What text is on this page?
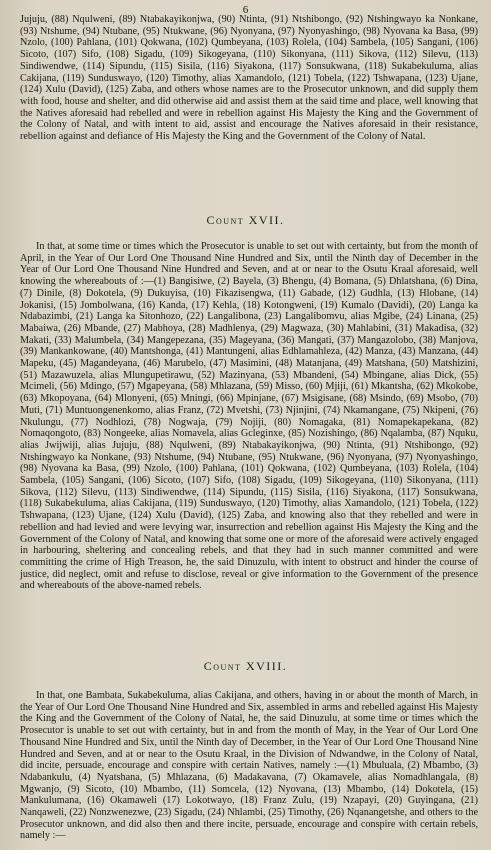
6

Jujuju, (88) Nqulweni, (89) Ntabakayikonjwa, (90) Ntinta, (91) Ntshibongo, (92) Ntshingwayo ka Nonkane, (93) Ntshume, (94) Ntubane, (95) Ntukwane, (96) Nyonyana, (97) Nyonyashingo, (98) Nyovana ka Basa, (99) Nzolo, (100) Pahlana, (101) Qokwana, (102) Qumbeyana, (103) Rolela, (104) Sambela, (105) Sangani, (106) Sicoto, (107) Sifo, (108) Sigadu, (109) Sikogeyana, (110) Sikonyana, (111) Sikova, (112) Silevu, (113) Sindiwendwe, (114) Sipundu, (115) Sisila, (116) Siyakona, (117) Sonsukwana, (118) Sukabekuluma, alias Cakijana, (119) Sunduswayo, (120) Timothy, alias Xamandolo, (121) Tobela, (122) Tshwapana, (123) Ujane, (124) Xulu (David), (125) Zaba, and others whose names are to the Prosecutor unknown, and did supply them with food, house and shelter, and did otherwise aid and assist them at the said time and place, well knowing that the Natives aforesaid had rebelled and were in rebellion against His Majesty the King and the Government of the Colony of Natal, and with intent to aid, assist and encourage the Natives aforesaid in their resistance, rebellion against and defiance of His Majesty the King and the Government of the Colony of Natal.

Count XVII.

In that, at some time or times which the Prosecutor is unable to set out with certainty, but from the month of April, in the Year of Our Lord One Thousand Nine Hundred and Six, until the Ninth day of December in the Year of Our Lord One Thousand Nine Hundred and Seven, and at or near to the Osutu Kraal aforesaid, well knowing the whereabouts of :—(1) Bangisiwe, (2) Bayela, (3) Bhengu, (4) Bomana, (5) Dhlatshana, (6) Dina, (7) Dinile, (8) Dokotela, (9) Dukuyisa, (10) Fikazisengwa, (11) Gabade, (12) Gudhla, (13) Hlobane, (14) Jokanisi, (15) Jombolwana, (16) Kanda, (17) Kehla, (18) Kotongweni, (19) Kumalo (Davidi), (20) Langa ka Ndabazimbi, (21) Langa ka Sitonhozo, (22) Langalibona, (23) Langalibomvu, alias Mgibe, (24) Linana, (25) Mabaiwa, (26) Mbande, (27) Mabhoya, (28) Madhlenya, (29) Magwaza, (30) Mahlabini, (31) Makadisa, (32) Makati, (33) Malumbela, (34) Mangepezana, (35) Mageyana, (36) Mangati, (37) Mangazolobo, (38) Manjova, (39) Mankankowane, (40) Mantshonga, (41) Mantungeni, alias Edhlamahleza, (42) Manza, (43) Manzana, (44) Mapeku, (45) Magandeyana, (46) Marubelo, (47) Masimini, (48) Matanjana, (49) Matshana, (50) Matshizini, (51) Mazawuzela, alias Mlungupetirawu, (52) Mazinyana, (53) Mbandeni, (54) Mbingane, alias Dick, (55) Mcimeli, (56) Mdingo, (57) Mgapeyana, (58) Mhlazana, (59) Misso, (60) Mjiji, (61) Mkantsha, (62) Mkokobe, (63) Mkopoyana, (64) Mlonyeni, (65) Mningi, (66) Mpinjane, (67) Msigisane, (68) Msindo, (69) Msobo, (70) Muti, (71) Muntuongenenkomo, alias Franz, (72) Mvetshi, (73) Njinjini, (74) Nkamangane, (75) Nkipeni, (76) Nkulungu, (77) Nodhlozi, (78) Nogwaja, (79) Nojiji, (80) Nomagaka, (81) Nomapekapekana, (82) Nomaqongoto, (83) Nongeeke, alias Nomavela, alias Gcleginxe, (85) Nozishingo, (86) Nqalamba, (87) Nquku, alias Jwijwiji, alias Jujuju, (88) Nqulweni, (89) Ntabakayikonjwa, (90) Ntinta, (91) Ntshibongo, (92) Ntshingwayo ka Nonkane, (93) Ntshume, (94) Ntubane, (95) Ntukwane, (96) Nyonyana, (97) Nyonyashingo, (98) Nyovana ka Basa, (99) Nzolo, (100) Pahlana, (101) Qokwana, (102) Qumbeyana, (103) Rolela, (104) Sambela, (105) Sangani, (106) Sicoto, (107) Sifo, (108) Sigadu, (109) Sikogeyana, (110) Sikonyana, (111) Sikova, (112) Silevu, (113) Sindiwendwe, (114) Sipundu, (115) Sisila, (116) Siyakona, (117) Sonsukwana, (118) Sukabekuluma, alias Cakijana, (119) Sunduswayo, (120) Timothy, alias Xamandolo, (121) Tobela, (122) Tshwapana, (123) Ujane, (124) Xulu (David), (125) Zaba, and knowing also that they rebelled and were in rebellion and had levied and were levying war, insurrection and rebellion against His Majesty the King and the Government of the Colony of Natal, and knowing that some one or more of the aforesaid were actively engaged in harbouring, sheltering and concealing rebels, and that they had in such manner committed and were committing the crime of High Treason, he, the said Dinuzulu, with intent to obstruct and hinder the course of justice, did neglect, omit and refuse to disclose, reveal or give information to the Government of the presence and whereabouts of the above-named rebels.

Count XVIII.

In that, one Bambata, Sukabekuluma, alias Cakijana, and others, having in or about the month of March, in the Year of Our Lord One Thousand Nine Hundred and Six, assembled in arms and rebelled against His Majesty the King and the Government of the Colony of Natal, he, the said Dinuzulu, at some time or times which the Prosecutor is unable to set out with certainty, but in and from the month of May, in the Year of Our Lord One Thousand Nine Hundred and Six, until the Ninth day of December, in the Year of Our Lord One Thousand Nine Hundred and Seven, and at or near to the Osutu Kraal, in the Division of Ndwandwe, in the Colony of Natal, did incite, persuade, encourage and conspire with certain Natives, namely :—(1) Mbuluala, (2) Mbambo, (3) Ndabankulu, (4) Nyatshana, (5) Mhlazana, (6) Madakavana, (7) Okamavele, alias Nomadhlangala, (8) Mgwanjo, (9) Sicoto, (10) Mbambo, (11) Somcela, (12) Nyovana, (13) Mbambo, (14) Dokotela, (15) Mankulumana, (16) Okamaweli (17) Lokotwayo, (18) Franz Zulu, (19) Nzapayi, (20) Guyingana, (21) Nanqaweli, (22) Nonzwenezwe, (23) Sigadu, (24) Nhlambi, (25) Timothy, (26) Nqanangetshe, and others to the Prosecutor unknown, and did also then and there incite, persuade, encourage and conspire with certain rebels, namely :—
